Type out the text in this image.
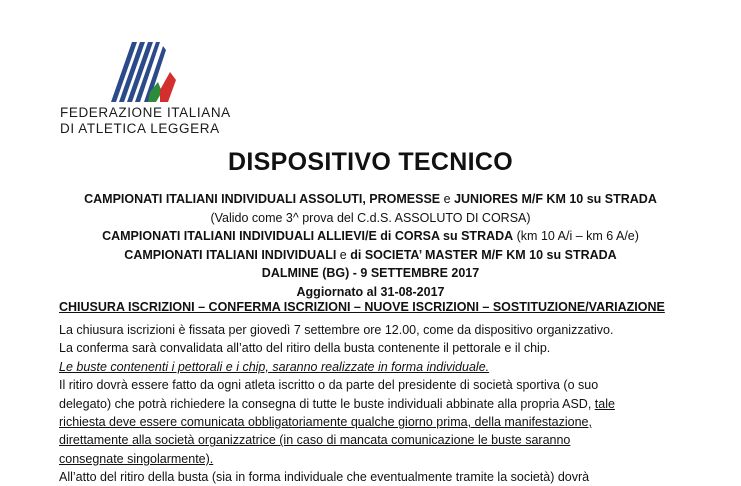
FEDERAZIONE ITALIANA
DI ATLETICA LEGGERA
DISPOSITIVO TECNICO
CAMPIONATI ITALIANI INDIVIDUALI ASSOLUTI, PROMESSE e JUNIORES M/F KM 10 su STRADA
(Valido come 3^ prova del C.d.S. ASSOLUTO DI CORSA)
CAMPIONATI ITALIANI INDIVIDUALI ALLIEVI/E di CORSA su STRADA (km 10 A/i – km 6 A/e)
CAMPIONATI ITALIANI INDIVIDUALI e di SOCIETA’ MASTER M/F KM 10 su STRADA
DALMINE (BG) - 9 SETTEMBRE 2017
Aggiornato al 31-08-2017
CHIUSURA ISCRIZIONI – CONFERMA ISCRIZIONI – NUOVE ISCRIZIONI – SOSTITUZIONE/VARIAZIONE
La chiusura iscrizioni è fissata per giovedì 7 settembre ore 12.00, come da dispositivo organizzativo.
La conferma sarà convalidata all’atto del ritiro della busta contenente il pettorale e il chip.
Le buste contenenti i pettorali e i chip, saranno realizzate in forma individuale.
Il ritiro dovrà essere fatto da ogni atleta iscritto o da parte del presidente di società sportiva (o suo
delegato) che potrà richiedere la consegna di tutte le buste individuali abbinate alla propria ASD, tale
richiesta deve essere comunicata obbligatoriamente qualche giorno prima, della manifestazione,
direttamente alla società organizzatrice (in caso di mancata comunicazione le buste saranno
consegnate singolarmente).
All’atto del ritiro della busta (sia in forma individuale che eventualmente tramite la società) dovrà
